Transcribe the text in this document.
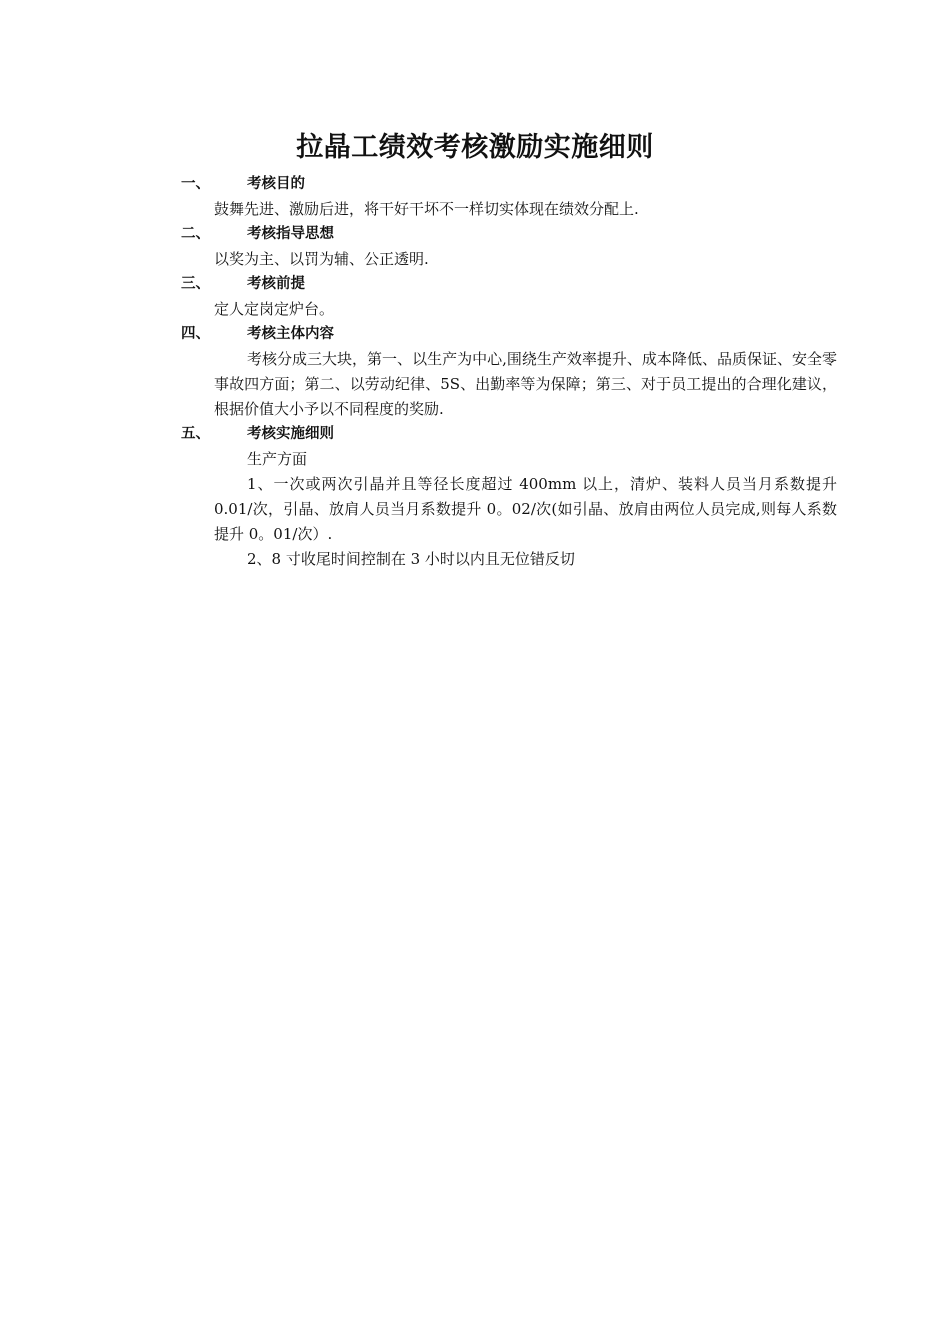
拉晶工绩效考核激励实施细则
一、	考核目的
鼓舞先进、激励后进，将干好干坏不一样切实体现在绩效分配上.
二、	考核指导思想
以奖为主、以罚为辅、公正透明.
三、	考核前提
定人定岗定炉台。
四、	考核主体内容
考核分成三大块，第一、以生产为中心,围绕生产效率提升、成本降低、品质保证、安全零事故四方面；第二、以劳动纪律、5S、出勤率等为保障；第三、对于员工提出的合理化建议，根据价值大小予以不同程度的奖励.
五、	考核实施细则
生产方面
1、一次或两次引晶并且等径长度超过 400mm 以上，清炉、装料人员当月系数提升 0.01/次，引晶、放肩人员当月系数提升 0。02/次(如引晶、放肩由两位人员完成,则每人系数提升 0。01/次）.
2、8 寸收尾时间控制在 3 小时以内且无位错反切
